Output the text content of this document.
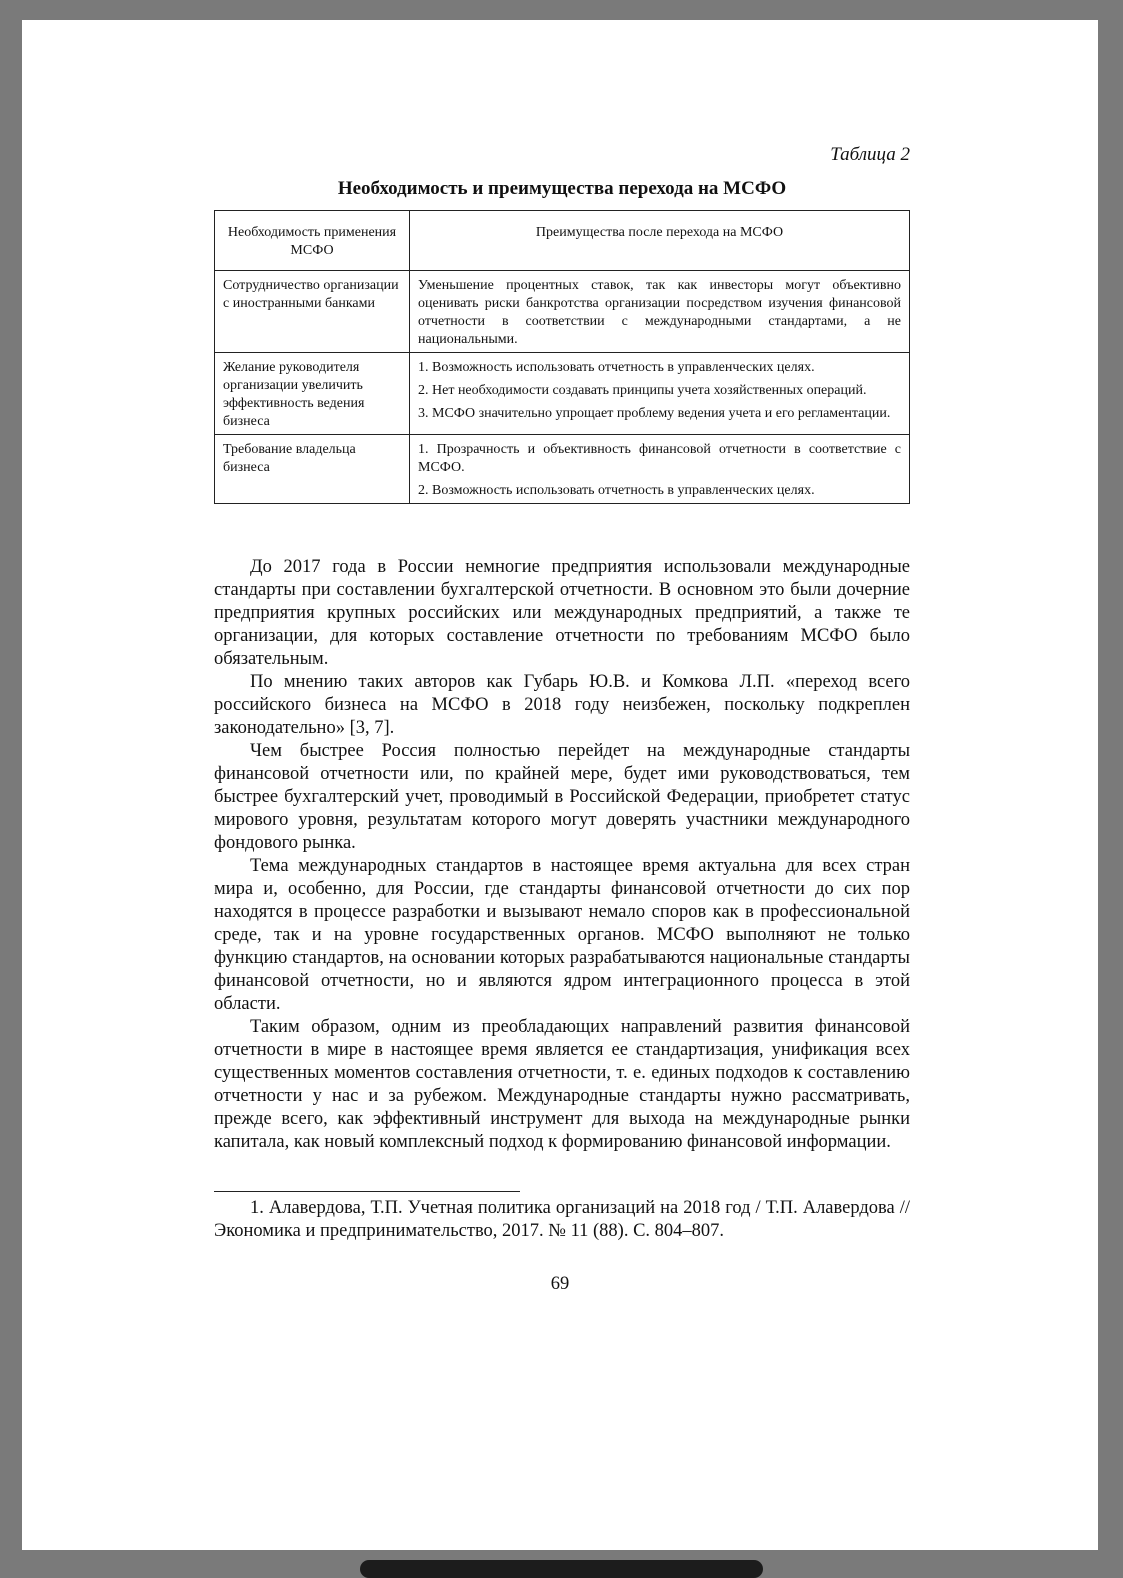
Таблица 2
Необходимость и преимущества перехода на МСФО
Необходимость применения МСФО	Преимущества после перехода на МСФО
Сотрудничество организации с иностранными банками	Уменьшение процентных ставок, так как инвесторы могут объективно оценивать риски банкротства организации посредством изучения финансовой отчетности в соответствии с международными стандартами, а не национальными.

Желание руководителя организации увеличить эффективность ведения бизнеса	1. Возможность использовать отчетность в управленческих целях.

2. Нет необходимости создавать принципы учета хозяйственных операций.

3. МСФО значительно упрощает проблему ведения учета и его регламентации.

Требование владельца бизнеса	1. Прозрачность и объективность финансовой отчетности в соответствие с МСФО.

2. Возможность использовать отчетность в управленческих целях.

До 2017 года в России немногие предприятия использовали международные стандарты при составлении бухгалтерской отчетности. В основном это были дочерние предприятия крупных российских или международных предприятий, а также те организации, для которых составление отчетности по требованиям МСФО было обязательным.

По мнению таких авторов как Губарь Ю.В. и Комкова Л.П. «переход всего российского бизнеса на МСФО в 2018 году неизбежен, поскольку подкреплен законодательно» [3, 7].

Чем быстрее Россия полностью перейдет на международные стандарты финансовой отчетности или, по крайней мере, будет ими руководствоваться, тем быстрее бухгалтерский учет, проводимый в Российской Федерации, приобретет статус мирового уровня, результатам которого могут доверять участники международного фондового рынка.

Тема международных стандартов в настоящее время актуальна для всех стран мира и, особенно, для России, где стандарты финансовой отчетности до сих пор находятся в процессе разработки и вызывают немало споров как в профессиональной среде, так и на уровне государственных органов. МСФО выполняют не только функцию стандартов, на основании которых разрабатываются национальные стандарты финансовой отчетности, но и являются ядром интеграционного процесса в этой области.

Таким образом, одним из преобладающих направлений развития финансовой отчетности в мире в настоящее время является ее стандартизация, унификация всех существенных моментов составления отчетности, т. е. единых подходов к составлению отчетности у нас и за рубежом. Международные стандарты нужно рассматривать, прежде всего, как эффективный инструмент для выхода на международные рынки капитала, как новый комплексный подход к формированию финансовой информации.

1. Алавердова, Т.П. Учетная политика организаций на 2018 год / Т.П. Алавердова // Экономика и предпринимательство, 2017. № 11 (88). С. 804–807.
69
